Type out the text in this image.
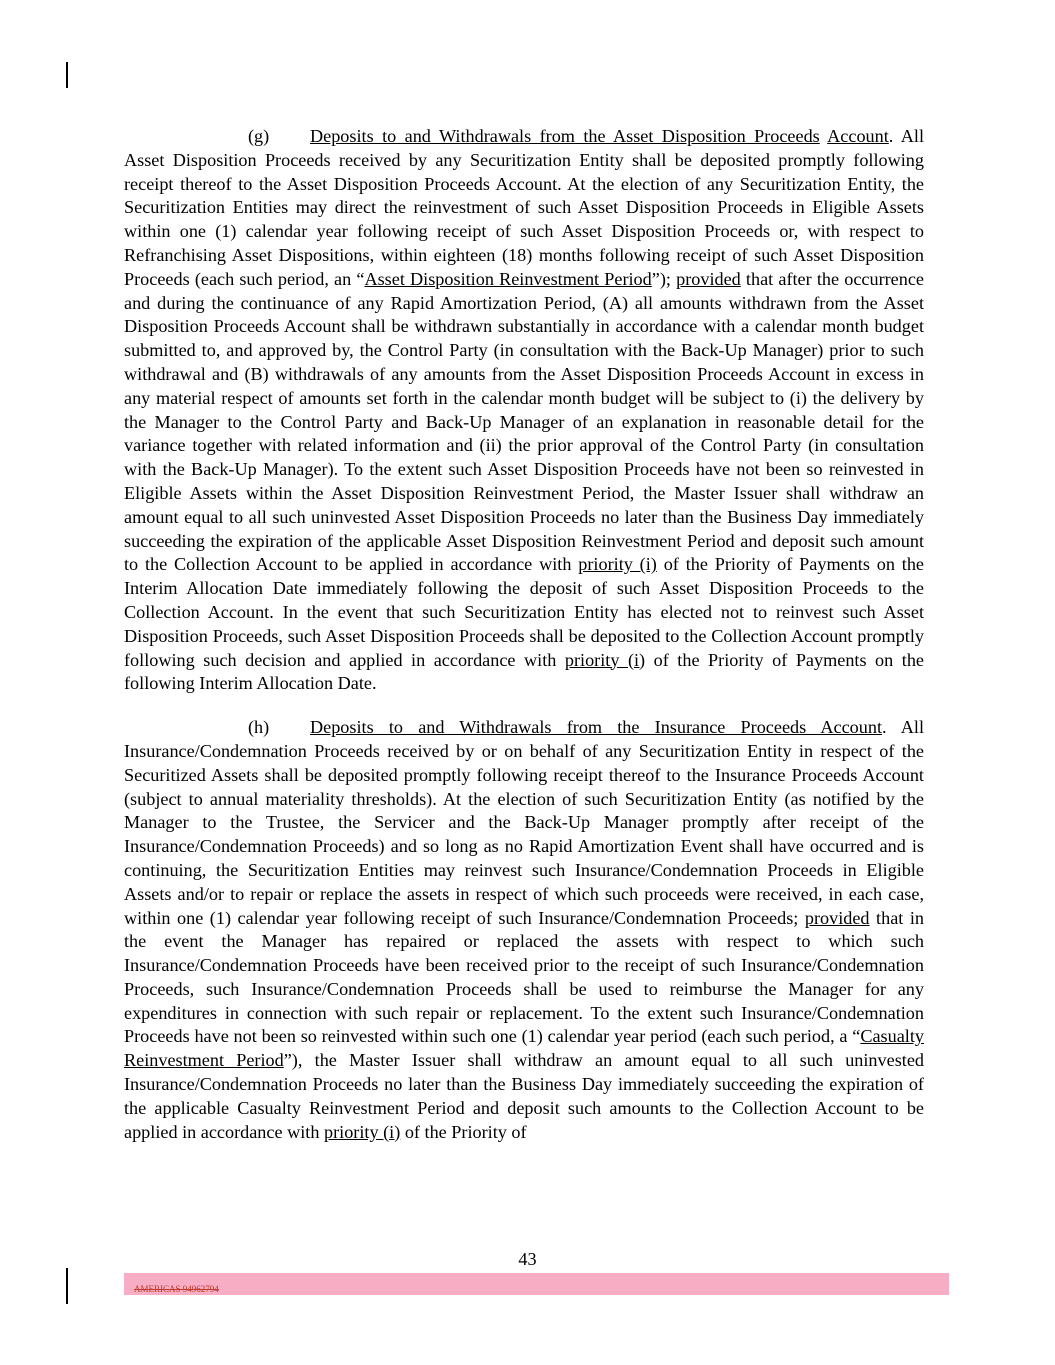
(g) Deposits to and Withdrawals from the Asset Disposition Proceeds Account. All Asset Disposition Proceeds received by any Securitization Entity shall be deposited promptly following receipt thereof to the Asset Disposition Proceeds Account. At the election of any Securitization Entity, the Securitization Entities may direct the reinvestment of such Asset Disposition Proceeds in Eligible Assets within one (1) calendar year following receipt of such Asset Disposition Proceeds or, with respect to Refranchising Asset Dispositions, within eighteen (18) months following receipt of such Asset Disposition Proceeds (each such period, an “Asset Disposition Reinvestment Period”); provided that after the occurrence and during the continuance of any Rapid Amortization Period, (A) all amounts withdrawn from the Asset Disposition Proceeds Account shall be withdrawn substantially in accordance with a calendar month budget submitted to, and approved by, the Control Party (in consultation with the Back-Up Manager) prior to such withdrawal and (B) withdrawals of any amounts from the Asset Disposition Proceeds Account in excess in any material respect of amounts set forth in the calendar month budget will be subject to (i) the delivery by the Manager to the Control Party and Back-Up Manager of an explanation in reasonable detail for the variance together with related information and (ii) the prior approval of the Control Party (in consultation with the Back-Up Manager). To the extent such Asset Disposition Proceeds have not been so reinvested in Eligible Assets within the Asset Disposition Reinvestment Period, the Master Issuer shall withdraw an amount equal to all such uninvested Asset Disposition Proceeds no later than the Business Day immediately succeeding the expiration of the applicable Asset Disposition Reinvestment Period and deposit such amount to the Collection Account to be applied in accordance with priority (i) of the Priority of Payments on the Interim Allocation Date immediately following the deposit of such Asset Disposition Proceeds to the Collection Account. In the event that such Securitization Entity has elected not to reinvest such Asset Disposition Proceeds, such Asset Disposition Proceeds shall be deposited to the Collection Account promptly following such decision and applied in accordance with priority (i) of the Priority of Payments on the following Interim Allocation Date.

(h) Deposits to and Withdrawals from the Insurance Proceeds Account. All Insurance/Condemnation Proceeds received by or on behalf of any Securitization Entity in respect of the Securitized Assets shall be deposited promptly following receipt thereof to the Insurance Proceeds Account (subject to annual materiality thresholds). At the election of such Securitization Entity (as notified by the Manager to the Trustee, the Servicer and the Back-Up Manager promptly after receipt of the Insurance/Condemnation Proceeds) and so long as no Rapid Amortization Event shall have occurred and is continuing, the Securitization Entities may reinvest such Insurance/Condemnation Proceeds in Eligible Assets and/or to repair or replace the assets in respect of which such proceeds were received, in each case, within one (1) calendar year following receipt of such Insurance/Condemnation Proceeds; provided that in the event the Manager has repaired or replaced the assets with respect to which such Insurance/Condemnation Proceeds have been received prior to the receipt of such Insurance/Condemnation Proceeds, such Insurance/Condemnation Proceeds shall be used to reimburse the Manager for any expenditures in connection with such repair or replacement. To the extent such Insurance/Condemnation Proceeds have not been so reinvested within such one (1) calendar year period (each such period, a “Casualty Reinvestment Period”), the Master Issuer shall withdraw an amount equal to all such uninvested Insurance/Condemnation Proceeds no later than the Business Day immediately succeeding the expiration of the applicable Casualty Reinvestment Period and deposit such amounts to the Collection Account to be applied in accordance with priority (i) of the Priority of

43
AMERICAS 94962794
